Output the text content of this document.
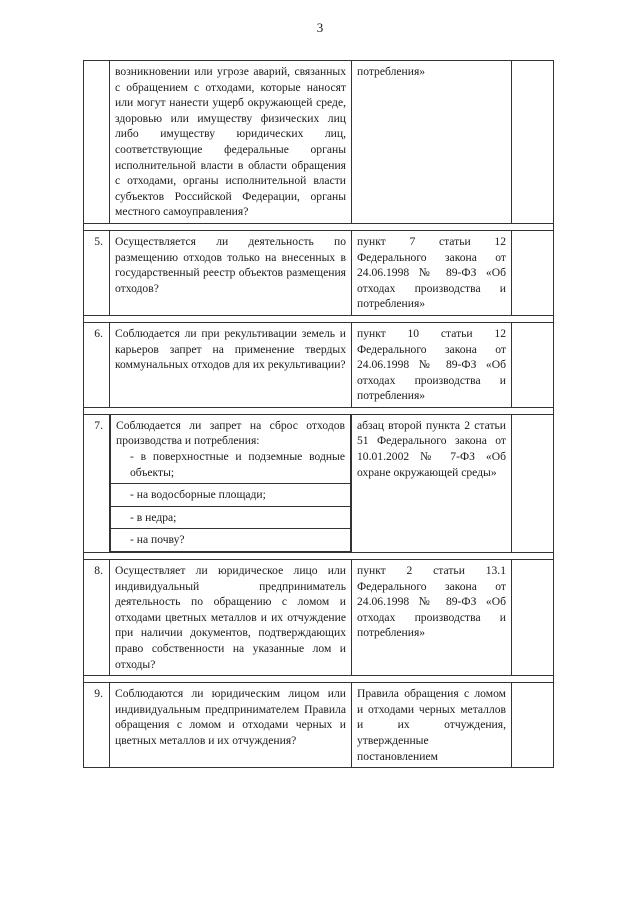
3
	возникновении или угрозе аварий, связанных с обращением с отходами, которые наносят или могут нанести ущерб окружающей среде, здоровью или имуществу физических лиц либо имуществу юридических лиц, соответствующие федеральные органы исполнительной власти в области обращения с отходами, органы исполнительной власти субъектов Российской Федерации, органы местного самоуправления?	потребления»	

5.	Осуществляется ли деятельность по размещению отходов только на внесенных в государственный реестр объектов размещения отходов?	пункт 7 статьи 12 Федерального закона от 24.06.1998 № 89-ФЗ «Об отходах производства и потребления»	

6.	Соблюдается ли при рекультивации земель и карьеров запрет на применение твердых коммунальных отходов для их рекультивации?	пункт 10 статьи 12 Федерального закона от 24.06.1998 № 89-ФЗ «Об отходах производства и потребления»	

7.	Соблюдается ли запрет на сброс отходов производства и потребления:
- в поверхностные и подземные водные объекты;

- на водосборные площади;
- в недра;
- на почву?
	абзац второй пункта 2 статьи 51 Федерального закона от 10.01.2002 № 7-ФЗ «Об охране окружающей среды»	

8.	Осуществляет ли юридическое лицо или индивидуальный предприниматель деятельность по обращению с ломом и отходами цветных металлов и их отчуждение при наличии документов, подтверждающих право собственности на указанные лом и отходы?	пункт 2 статьи 13.1 Федерального закона от 24.06.1998 № 89-ФЗ «Об отходах производства и потребления»	

9.	Соблюдаются ли юридическим лицом или индивидуальным предпринимателем Правила обращения с ломом и отходами черных и цветных металлов и их отчуждения?	Правила обращения с ломом и отходами черных металлов и их отчуждения, утвержденные постановлением	
